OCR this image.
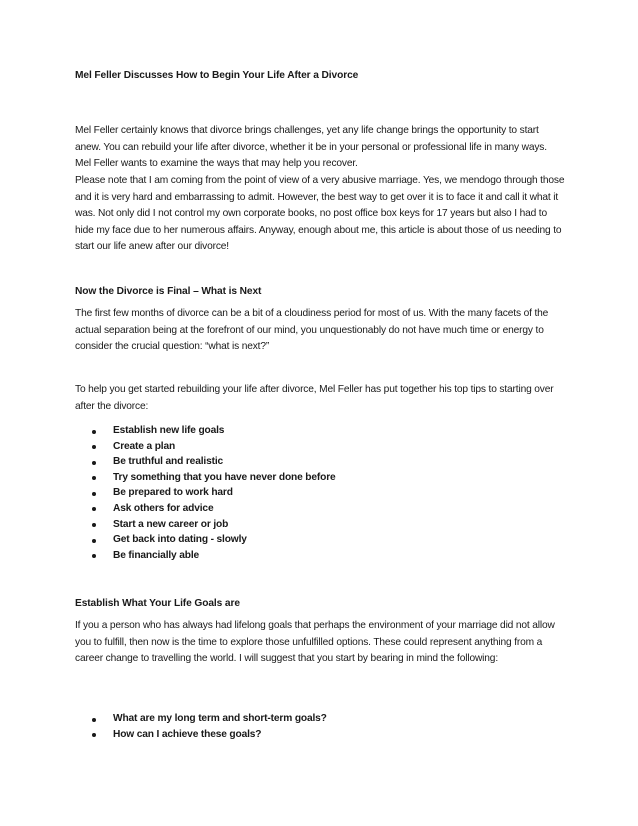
Mel Feller Discusses How to Begin Your Life After a Divorce
Mel Feller certainly knows that divorce brings challenges, yet any life change brings the opportunity to start anew. You can rebuild your life after divorce, whether it be in your personal or professional life in many ways. Mel Feller wants to examine the ways that may help you recover.
Please note that I am coming from the point of view of a very abusive marriage. Yes, we mendogo through those and it is very hard and embarrassing to admit. However, the best way to get over it is to face it and call it what it was. Not only did I not control my own corporate books, no post office box keys for 17 years but also I had to hide my face due to her numerous affairs. Anyway, enough about me, this article is about those of us needing to start our life anew after our divorce!
Now the Divorce is Final – What is Next
The first few months of divorce can be a bit of a cloudiness period for most of us. With the many facets of the actual separation being at the forefront of our mind, you unquestionably do not have much time or energy to consider the crucial question: “what is next?”
To help you get started rebuilding your life after divorce, Mel Feller has put together his top tips to starting over after the divorce:
Establish new life goals
Create a plan
Be truthful and realistic
Try something that you have never done before
Be prepared to work hard
Ask others for advice
Start a new career or job
Get back into dating - slowly
Be financially able
Establish What Your Life Goals are
If you a person who has always had lifelong goals that perhaps the environment of your marriage did not allow you to fulfill, then now is the time to explore those unfulfilled options. These could represent anything from a career change to travelling the world. I will suggest that you start by bearing in mind the following:
What are my long term and short-term goals?
How can I achieve these goals?
